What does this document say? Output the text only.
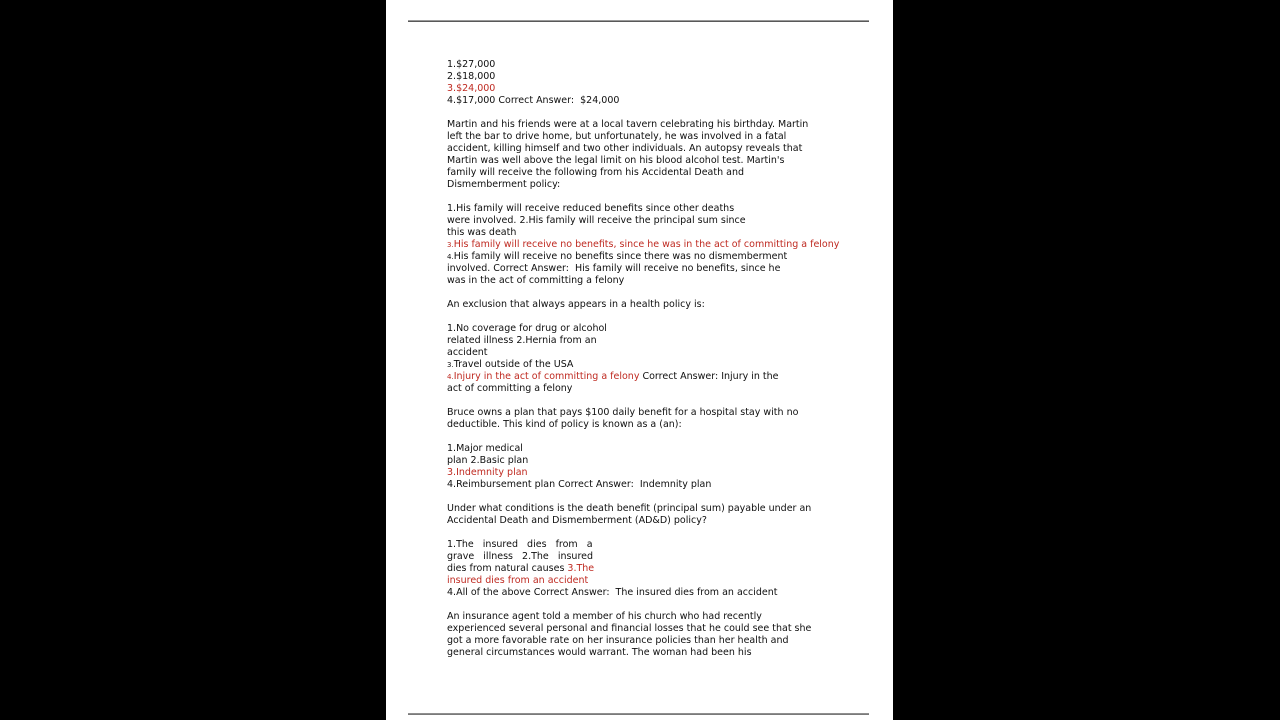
1.$27,000
2.$18,000
3.$24,000
4.$17,000 Correct Answer:  $24,000
Martin and his friends were at a local tavern celebrating his birthday. Martin
left the bar to drive home, but unfortunately, he was involved in a fatal
accident, killing himself and two other individuals. An autopsy reveals that
Martin was well above the legal limit on his blood alcohol test. Martin's
family will receive the following from his Accidental Death and
Dismemberment policy:
1.His family will receive reduced benefits since other deaths
were involved. 2.His family will receive the principal sum since
this was death
3.His family will receive no benefits, since he was in the act of committing a felony
4.His family will receive no benefits since there was no dismemberment
involved. Correct Answer:  His family will receive no benefits, since he
was in the act of committing a felony
An exclusion that always appears in a health policy is:
1.No coverage for drug or alcohol
related illness 2.Hernia from an
accident
3.Travel outside of the USA
4.Injury in the act of committing a felony Correct Answer: Injury in the
act of committing a felony
Bruce owns a plan that pays $100 daily benefit for a hospital stay with no
deductible. This kind of policy is known as a (an):
1.Major medical
plan 2.Basic plan
3.Indemnity plan
4.Reimbursement plan Correct Answer:  Indemnity plan
Under what conditions is the death benefit (principal sum) payable under an
Accidental Death and Dismemberment (AD&D) policy?
1.The   insured   dies   from   a
grave   illness   2.The   insured
dies from natural causes 3.The
insured dies from an accident
4.All of the above Correct Answer:  The insured dies from an accident
An insurance agent told a member of his church who had recently
experienced several personal and financial losses that he could see that she
got a more favorable rate on her insurance policies than her health and
general circumstances would warrant. The woman had been his
